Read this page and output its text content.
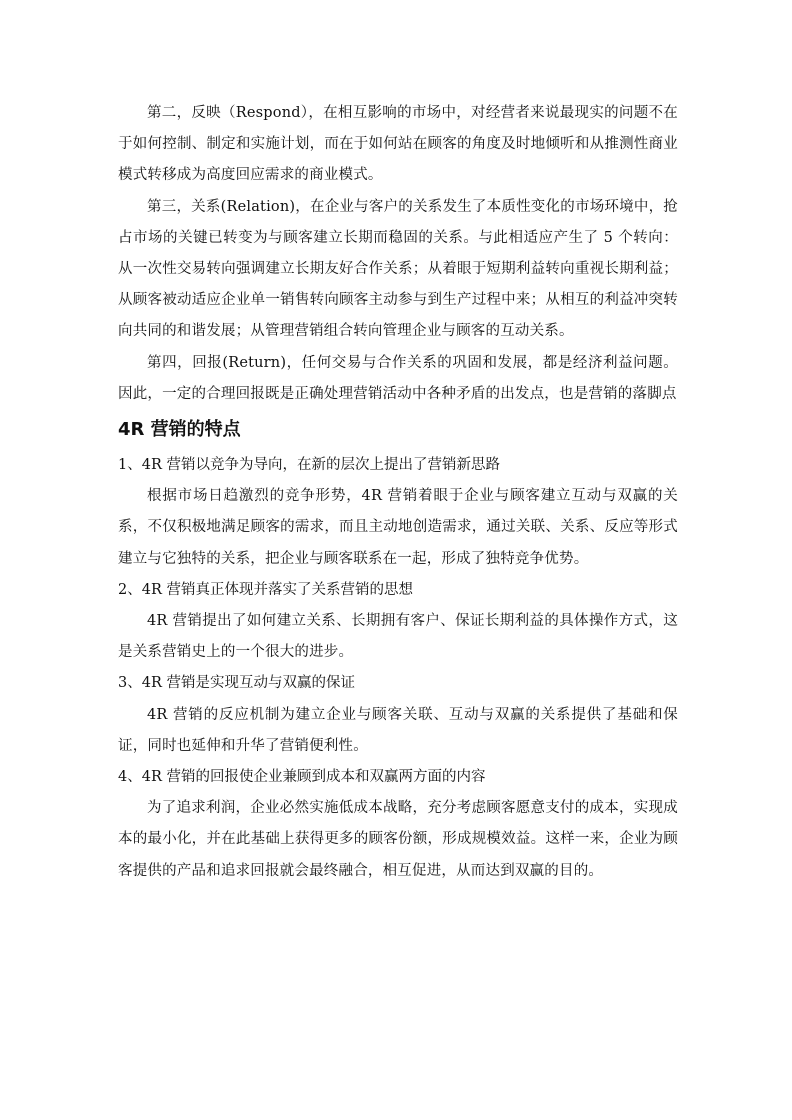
第二，反映（Respond），在相互影响的市场中，对经营者来说最现实的问题不在于如何控制、制定和实施计划，而在于如何站在顾客的角度及时地倾听和从推测性商业模式转移成为高度回应需求的商业模式。

第三，关系(Relation)，在企业与客户的关系发生了本质性变化的市场环境中，抢占市场的关键已转变为与顾客建立长期而稳固的关系。与此相适应产生了 5 个转向：从一次性交易转向强调建立长期友好合作关系；从着眼于短期利益转向重视长期利益；从顾客被动适应企业单一销售转向顾客主动参与到生产过程中来；从相互的利益冲突转向共同的和谐发展；从管理营销组合转向管理企业与顾客的互动关系。

第四，回报(Return)，任何交易与合作关系的巩固和发展，都是经济利益问题。因此，一定的合理回报既是正确处理营销活动中各种矛盾的出发点，也是营销的落脚点

4R 营销的特点

1、4R 营销以竞争为导向，在新的层次上提出了营销新思路

根据市场日趋激烈的竞争形势，4R 营销着眼于企业与顾客建立互动与双赢的关系，不仅积极地满足顾客的需求，而且主动地创造需求，通过关联、关系、反应等形式建立与它独特的关系，把企业与顾客联系在一起，形成了独特竞争优势。

2、4R 营销真正体现并落实了关系营销的思想

4R 营销提出了如何建立关系、长期拥有客户、保证长期利益的具体操作方式，这是关系营销史上的一个很大的进步。

3、4R 营销是实现互动与双赢的保证

4R 营销的反应机制为建立企业与顾客关联、互动与双赢的关系提供了基础和保证，同时也延伸和升华了营销便利性。

4、4R 营销的回报使企业兼顾到成本和双赢两方面的内容

为了追求利润，企业必然实施低成本战略，充分考虑顾客愿意支付的成本，实现成本的最小化，并在此基础上获得更多的顾客份额，形成规模效益。这样一来，企业为顾客提供的产品和追求回报就会最终融合，相互促进，从而达到双赢的目的。
